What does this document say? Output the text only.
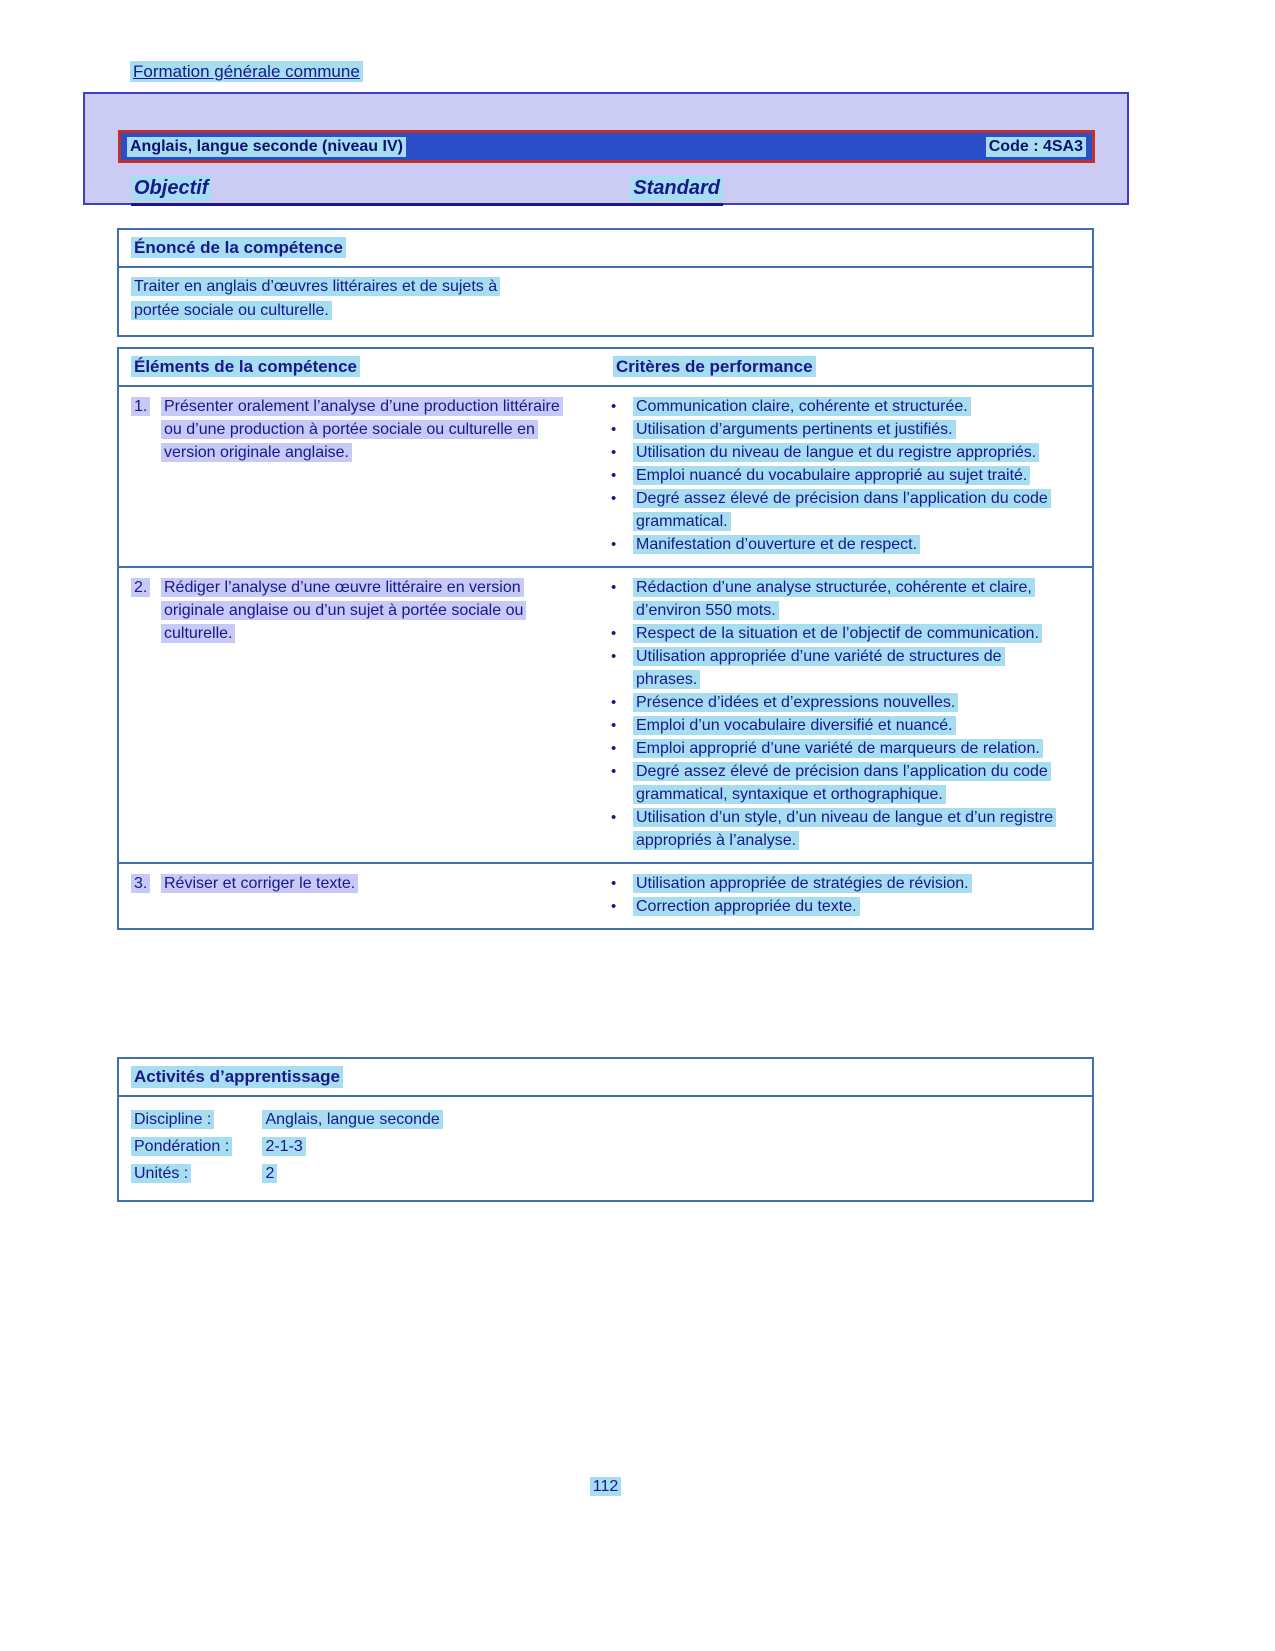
Formation générale commune
Anglais, langue seconde (niveau IV)	Code : 4SA3
Objectif	Standard
Énoncé de la compétence
Traiter en anglais d’œuvres littéraires et de sujets à
portée sociale ou culturelle.
Éléments de la compétence	Critères de performance
1.	Présenter oralement l’analyse d’une production littéraire ou d’une production à portée sociale ou culturelle en version originale anglaise.
•	Communication claire, cohérente et structurée.
•	Utilisation d’arguments pertinents et justifiés.
•	Utilisation du niveau de langue et du registre appropriés.
•	Emploi nuancé du vocabulaire approprié au sujet traité.
•	Degré assez élevé de précision dans l’application du code grammatical.
•	Manifestation d’ouverture et de respect.
2.	Rédiger l’analyse d’une œuvre littéraire en version originale anglaise ou d’un sujet à portée sociale ou culturelle.
•	Rédaction d’une analyse structurée, cohérente et claire, d’environ 550 mots.
•	Respect de la situation et de l’objectif de communication.
•	Utilisation appropriée d’une variété de structures de phrases.
•	Présence d’idées et d’expressions nouvelles.
•	Emploi d’un vocabulaire diversifié et nuancé.
•	Emploi approprié d’une variété de marqueurs de relation.
•	Degré assez élevé de précision dans l’application du code grammatical, syntaxique et orthographique.
•	Utilisation d’un style, d’un niveau de langue et d’un registre appropriés à l’analyse.
3.	Réviser et corriger le texte.	•	Utilisation appropriée de stratégies de révision.
•	Correction appropriée du texte.
Activités d’apprentissage
Discipline :	Anglais, langue seconde
Pondération : 2-1-3
Unités :	2
112
